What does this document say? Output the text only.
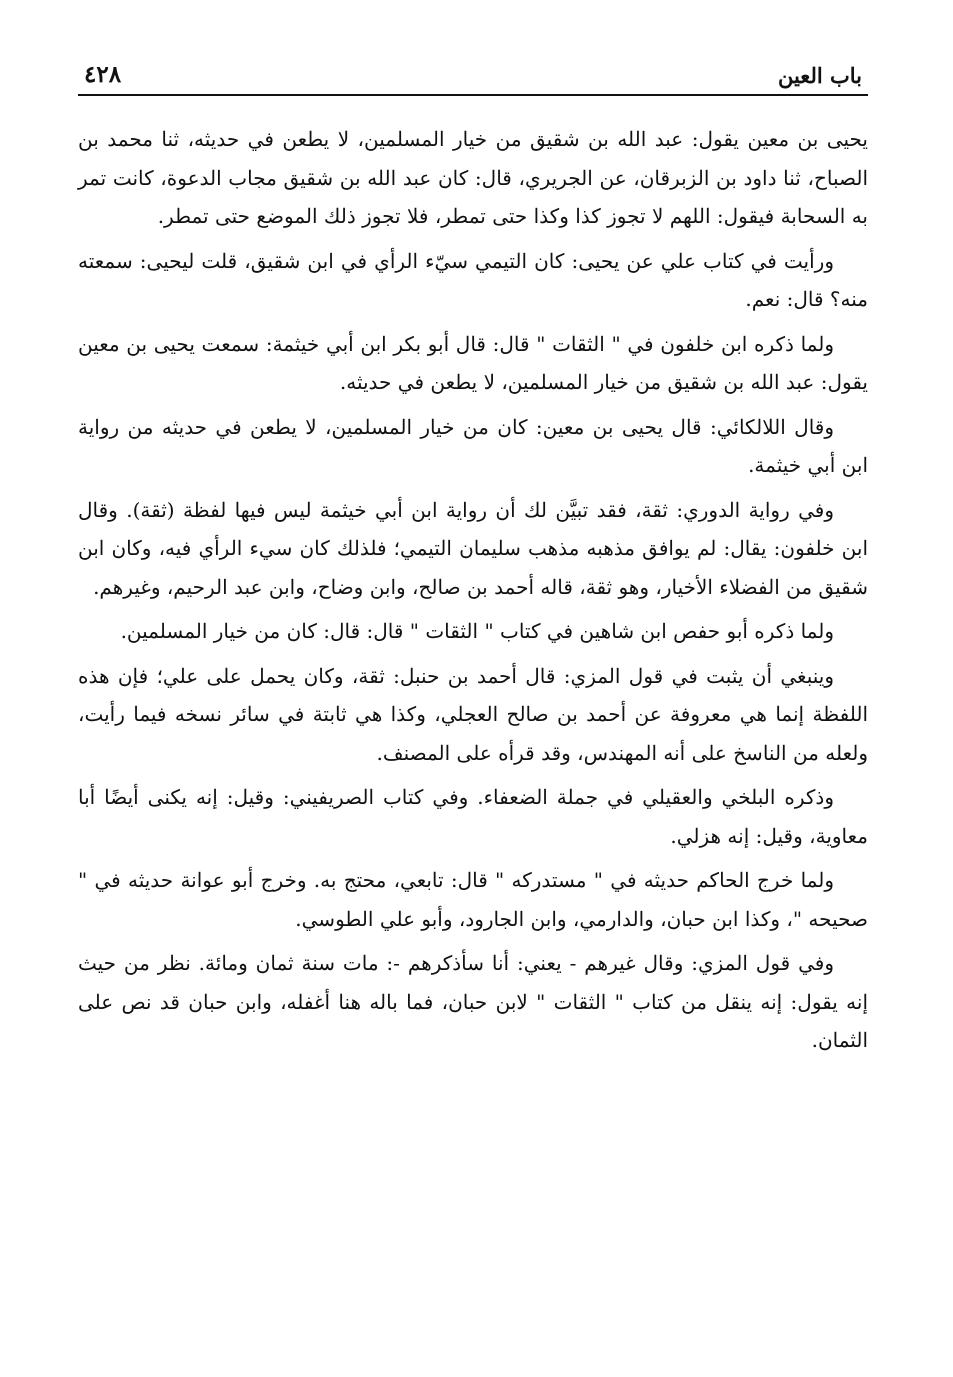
باب العين
٤٢٨

يحيى بن معين يقول: عبد الله بن شقيق من خيار المسلمين، لا يطعن في حديثه، ثنا محمد بن الصباح، ثنا داود بن الزبرقان، عن الجريري، قال: كان عبد الله بن شقيق مجاب الدعوة، كانت تمر به السحابة فيقول: اللهم لا تجوز كذا وكذا حتى تمطر، فلا تجوز ذلك الموضع حتى تمطر.

ورأيت في كتاب علي عن يحيى: كان التيمي سيّء الرأي في ابن شقيق، قلت ليحيى: سمعته منه؟ قال: نعم.

ولما ذكره ابن خلفون في " الثقات " قال: قال أبو بكر ابن أبي خيثمة: سمعت يحيى بن معين يقول: عبد الله بن شقيق من خيار المسلمين، لا يطعن في حديثه.

وقال اللالكائي: قال يحيى بن معين: كان من خيار المسلمين، لا يطعن في حديثه من رواية ابن أبي خيثمة.

وفي رواية الدوري: ثقة، فقد تبيَّن لك أن رواية ابن أبي خيثمة ليس فيها لفظة (ثقة). وقال ابن خلفون: يقال: لم يوافق مذهبه مذهب سليمان التيمي؛ فلذلك كان سيء الرأي فيه، وكان ابن شقيق من الفضلاء الأخيار، وهو ثقة، قاله أحمد بن صالح، وابن وضاح، وابن عبد الرحيم، وغيرهم.

ولما ذكره أبو حفص ابن شاهين في كتاب " الثقات " قال: قال: كان من خيار المسلمين.

وينبغي أن يثبت في قول المزي: قال أحمد بن حنبل: ثقة، وكان يحمل على علي؛ فإن هذه اللفظة إنما هي معروفة عن أحمد بن صالح العجلي، وكذا هي ثابتة في سائر نسخه فيما رأيت، ولعله من الناسخ على أنه المهندس، وقد قرأه على المصنف.

وذكره البلخي والعقيلي في جملة الضعفاء. وفي كتاب الصريفيني: وقيل: إنه يكنى أيضًا أبا معاوية، وقيل: إنه هزلي.

ولما خرج الحاكم حديثه في " مستدركه " قال: تابعي، محتج به. وخرج أبو عوانة حديثه في " صحيحه "، وكذا ابن حبان، والدارمي، وابن الجارود، وأبو علي الطوسي.

وفي قول المزي: وقال غيرهم - يعني: أنا سأذكرهم -: مات سنة ثمان ومائة. نظر من حيث إنه يقول: إنه ينقل من كتاب " الثقات " لابن حبان، فما باله هنا أغفله، وابن حبان قد نص على الثمان.
